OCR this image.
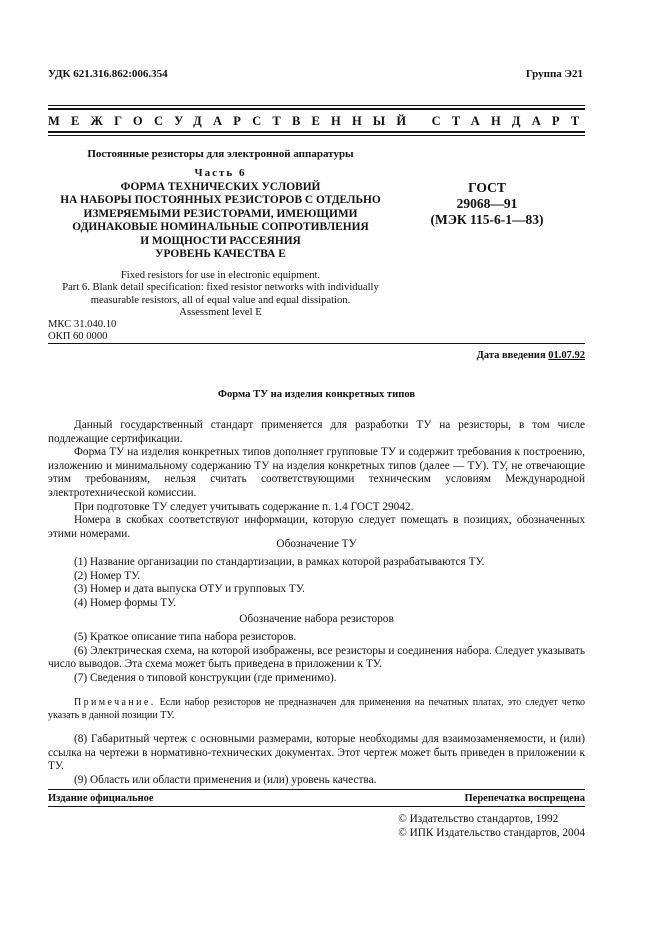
УДК 621.316.862:006.354	Группа Э21
МЕЖГОСУДАРСТВЕННЫЙ СТАНДАРТ
Постоянные резисторы для электронной аппаратуры
Часть 6
ФОРМА ТЕХНИЧЕСКИХ УСЛОВИЙ
НА НАБОРЫ ПОСТОЯННЫХ РЕЗИСТОРОВ С ОТДЕЛЬНО
ИЗМЕРЯЕМЫМИ РЕЗИСТОРАМИ, ИМЕЮЩИМИ
ОДИНАКОВЫЕ НОМИНАЛЬНЫЕ СОПРОТИВЛЕНИЯ
И МОЩНОСТИ РАССЕЯНИЯ
УРОВЕНЬ КАЧЕСТВА Е
ГОСТ
29068—91
(МЭК 115-6-1—83)
Fixed resistors for use in electronic equipment.
Part 6. Blank detail specification: fixed resistor networks with individually
measurable resistors, all of equal value and equal dissipation.
Assessment level E
МКС 31.040.10
ОКП 60 0000
Дата введения 01.07.92
Форма ТУ на изделия конкретных типов

Данный государственный стандарт применяется для разработки ТУ на резисторы, в том числе подлежащие сертификации.

Форма ТУ на изделия конкретных типов дополняет групповые ТУ и содержит требования к построению, изложению и минимальному содержанию ТУ на изделия конкретных типов (далее — ТУ). ТУ, не отвечающие этим требованиям, нельзя считать соответствующими техническим условиям Международной электротехнической комиссии.

При подготовке ТУ следует учитывать содержание п. 1.4 ГОСТ 29042.

Номера в скобках соответствуют информации, которую следует помещать в позициях, обозначенных этими номерами.

Обозначение ТУ

(1) Название организации по стандартизации, в рамках которой разрабатываются ТУ.

(2) Номер ТУ.

(3) Номер и дата выпуска ОТУ и групповых ТУ.

(4) Номер формы ТУ.

Обозначение набора резисторов

(5) Краткое описание типа набора резисторов.

(6) Электрическая схема, на которой изображены, все резисторы и соединения набора. Следует указывать число выводов. Эта схема может быть приведена в приложении к ТУ.

(7) Сведения о типовой конструкции (где применимо).

Примечание. Если набор резисторов не предназначен для применения на печатных платах, это следует четко указать в данной позиции ТУ.

(8) Габаритный чертеж с основными размерами, которые необходимы для взаимозаменяемости, и (или) ссылка на чертежи в нормативно-технических документах. Этот чертеж может быть приведен в приложении к ТУ.

(9) Область или области применения и (или) уровень качества.

Издание официальное	Перепечатка воспрещена
© Издательство стандартов, 1992
© ИПК Издательство стандартов, 2004
